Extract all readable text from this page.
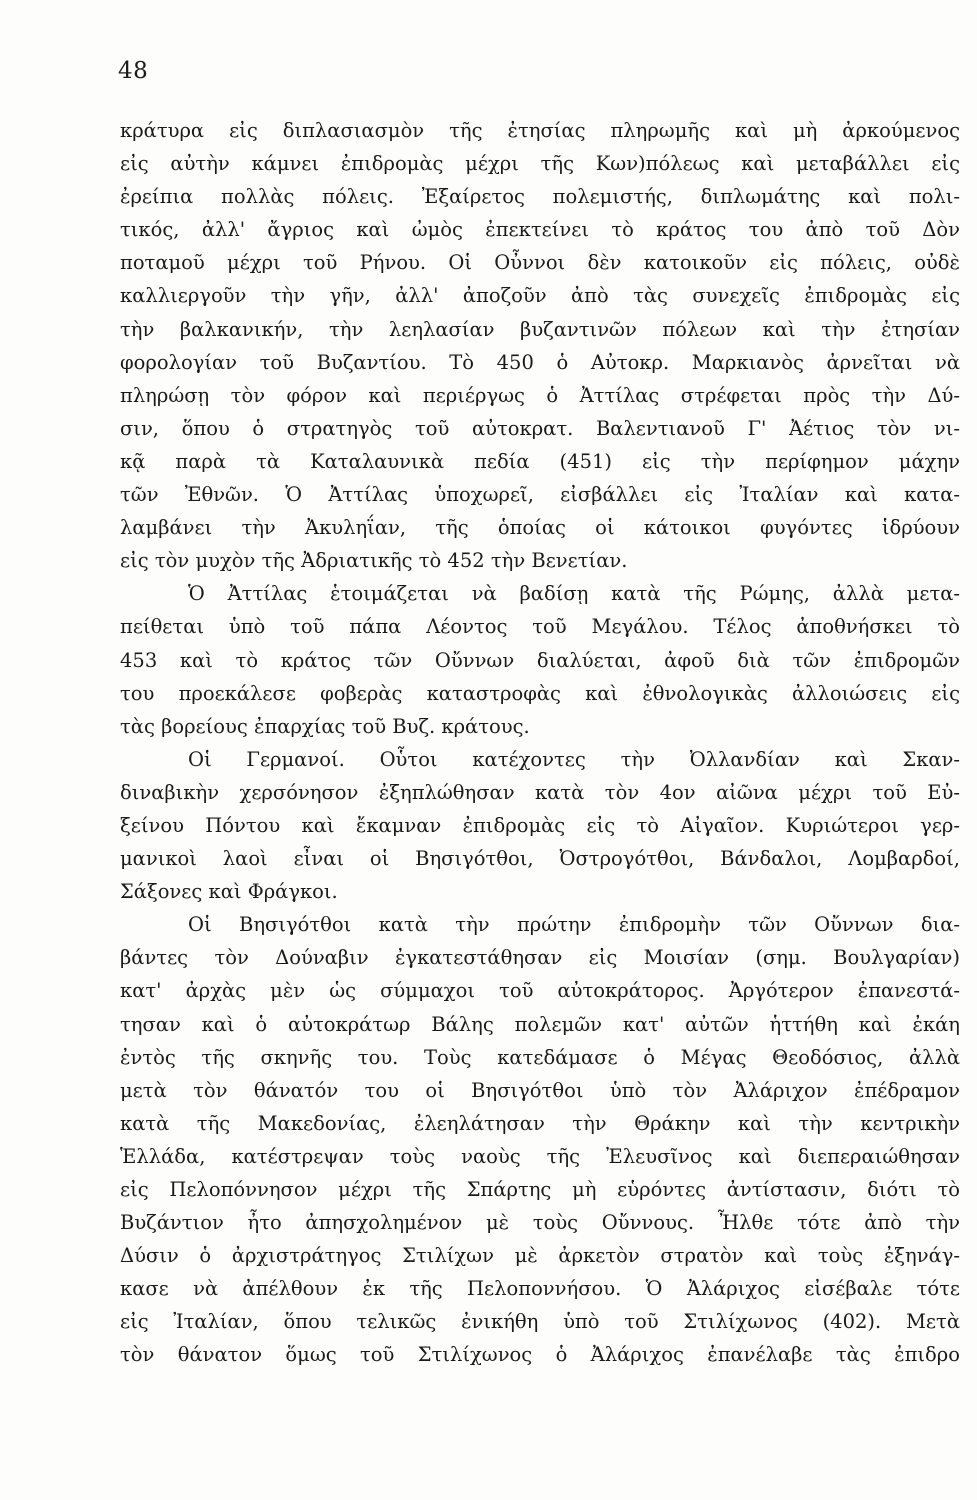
48
κράτυρα εἰς διπλασιασμὸν τῆς ἐτησίας πληρωμῆς καὶ μὴ ἀρκούμενος
εἰς αὐτὴν κάμνει ἐπιδρομὰς μέχρι τῆς Κων)πόλεως καὶ μεταβάλλει εἰς
ἐρείπια πολλὰς πόλεις. Ἐξαίρετος πολεμιστής, διπλωμάτης καὶ πολι-
τικός, ἀλλ' ἄγριος καὶ ὠμὸς ἐπεκτείνει τὸ κράτος του ἀπὸ τοῦ Δὸν
ποταμοῦ μέχρι τοῦ Ρήνου. Οἱ Οὖννοι δὲν κατοικοῦν εἰς πόλεις, οὐδὲ
καλλιεργοῦν τὴν γῆν, ἀλλ' ἀποζοῦν ἀπὸ τὰς συνεχεῖς ἐπιδρομὰς εἰς
τὴν βαλκανικήν, τὴν λεηλασίαν βυζαντινῶν πόλεων καὶ τὴν ἐτησίαν
φορολογίαν τοῦ Βυζαντίου. Τὸ 450 ὁ Αὐτοκρ. Μαρκιανὸς ἀρνεῖται νὰ
πληρώσῃ τὸν φόρον καὶ περιέργως ὁ Ἀττίλας στρέφεται πρὸς τὴν Δύ-
σιν, ὅπου ὁ στρατηγὸς τοῦ αὐτοκρατ. Βαλεντιανοῦ Γ' Ἀέτιος τὸν νι-
κᾷ παρὰ τὰ Καταλαυνικὰ πεδία (451) εἰς τὴν περίφημον μάχην
τῶν Ἐθνῶν. Ὁ Ἀττίλας ὑποχωρεῖ, εἰσβάλλει εἰς Ἰταλίαν καὶ κατα-
λαμβάνει τὴν Ἀκυληΐαν, τῆς ὁποίας οἱ κάτοικοι φυγόντες ἱδρύουν
εἰς τὸν μυχὸν τῆς Ἀδριατικῆς τὸ 452 τὴν Βενετίαν.
Ὁ Ἀττίλας ἑτοιμάζεται νὰ βαδίσῃ κατὰ τῆς Ρώμης, ἀλλὰ μετα-
πείθεται ὑπὸ τοῦ πάπα Λέοντος τοῦ Μεγάλου. Τέλος ἀποθνήσκει τὸ
453 καὶ τὸ κράτος τῶν Οὔννων διαλύεται, ἀφοῦ διὰ τῶν ἐπιδρομῶν
του προεκάλεσε φοβερὰς καταστροφὰς καὶ ἐθνολογικὰς ἀλλοιώσεις εἰς
τὰς βορείους ἐπαρχίας τοῦ Βυζ. κράτους.
Οἱ Γερμανοί. Οὗτοι κατέχοντες τὴν Ὀλλανδίαν καὶ Σκαν-
διναβικὴν χερσόνησον ἐξηπλώθησαν κατὰ τὸν 4ον αἰῶνα μέχρι τοῦ Εὐ-
ξείνου Πόντου καὶ ἔκαμναν ἐπιδρομὰς εἰς τὸ Αἰγαῖον. Κυριώτεροι γερ-
μανικοὶ λαοὶ εἶναι οἱ Βησιγότθοι, Ὀστρογότθοι, Βάνδαλοι, Λομβαρδοί,
Σάξονες καὶ Φράγκοι.
Οἱ Βησιγότθοι κατὰ τὴν πρώτην ἐπιδρομὴν τῶν Οὔννων δια-
βάντες τὸν Δούναβιν ἐγκατεστάθησαν εἰς Μοισίαν (σημ. Βουλγαρίαν)
κατ' ἀρχὰς μὲν ὡς σύμμαχοι τοῦ αὐτοκράτορος. Ἀργότερον ἐπανεστά-
τησαν καὶ ὁ αὐτοκράτωρ Βάλης πολεμῶν κατ' αὐτῶν ἡττήθη καὶ ἐκάη
ἐντὸς τῆς σκηνῆς του. Τοὺς κατεδάμασε ὁ Μέγας Θεοδόσιος, ἀλλὰ
μετὰ τὸν θάνατόν του οἱ Βησιγότθοι ὑπὸ τὸν Ἀλάριχον ἐπέδραμον
κατὰ τῆς Μακεδονίας, ἐλεηλάτησαν τὴν Θράκην καὶ τὴν κεντρικὴν
Ἑλλάδα, κατέστρεψαν τοὺς ναοὺς τῆς Ἐλευσῖνος καὶ διεπεραιώθησαν
εἰς Πελοπόννησον μέχρι τῆς Σπάρτης μὴ εὑρόντες ἀντίστασιν, διότι τὸ
Βυζάντιον ἦτο ἀπησχολημένον μὲ τοὺς Οὔννους. Ἦλθε τότε ἀπὸ τὴν
Δύσιν ὁ ἀρχιστράτηγος Στιλίχων μὲ ἀρκετὸν στρατὸν καὶ τοὺς ἐξηνάγ-
κασε νὰ ἀπέλθουν ἐκ τῆς Πελοποννήσου. Ὁ Ἀλάριχος εἰσέβαλε τότε
εἰς Ἰταλίαν, ὅπου τελικῶς ἐνικήθη ὑπὸ τοῦ Στιλίχωνος (402). Μετὰ
τὸν θάνατον ὅμως τοῦ Στιλίχωνος ὁ Ἀλάριχος ἐπανέλαβε τὰς ἐπιδρο
